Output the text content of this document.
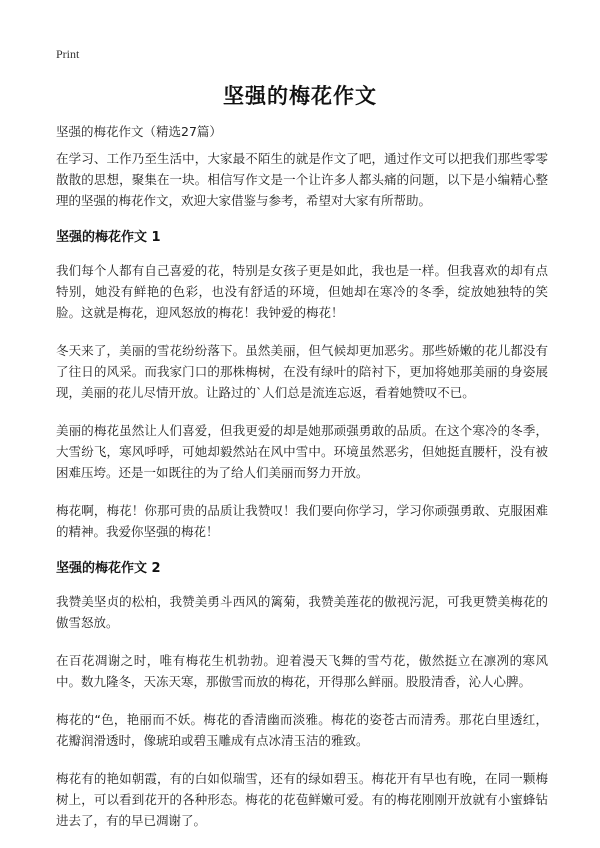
Print
坚强的梅花作文
坚强的梅花作文（精选27篇）

在学习、工作乃至生活中，大家最不陌生的就是作文了吧，通过作文可以把我们那些零零散散的思想，聚集在一块。相信写作文是一个让许多人都头痛的问题，以下是小编精心整理的坚强的梅花作文，欢迎大家借鉴与参考，希望对大家有所帮助。

坚强的梅花作文 1

我们每个人都有自己喜爱的花，特别是女孩子更是如此，我也是一样。但我喜欢的却有点特别，她没有鲜艳的色彩，也没有舒适的环境，但她却在寒冷的冬季，绽放她独特的笑脸。这就是梅花，迎风怒放的梅花！我钟爱的梅花！

冬天来了，美丽的雪花纷纷落下。虽然美丽，但气候却更加恶劣。那些娇嫩的花儿都没有了往日的风采。而我家门口的那株梅树，在没有绿叶的陪衬下，更加将她那美丽的身姿展现，美丽的花儿尽情开放。让路过的`人们总是流连忘返，看着她赞叹不已。

美丽的梅花虽然让人们喜爱，但我更爱的却是她那顽强勇敢的品质。在这个寒冷的冬季，大雪纷飞，寒风呼呼，可她却毅然站在风中雪中。环境虽然恶劣，但她挺直腰杆，没有被困难压垮。还是一如既往的为了给人们美丽而努力开放。

梅花啊，梅花！你那可贵的品质让我赞叹！我们要向你学习，学习你顽强勇敢、克服困难的精神。我爱你坚强的梅花！

坚强的梅花作文 2

我赞美坚贞的松柏，我赞美勇斗西风的篱菊，我赞美莲花的傲视污泥，可我更赞美梅花的傲雪怒放。

在百花凋谢之时，唯有梅花生机勃勃。迎着漫天飞舞的雪芍花，傲然挺立在凛冽的寒风中。数九隆冬，天冻天寒，那傲雪而放的梅花，开得那么鲜丽。股股清香，沁人心脾。

梅花的“色，艳丽而不妖。梅花的香清幽而淡雅。梅花的姿苍古而清秀。那花白里透红，花瓣润滑透时，像琥珀或碧玉雕成有点冰清玉洁的雅致。

梅花有的艳如朝霞，有的白如似瑞雪，还有的绿如碧玉。梅花开有早也有晚，在同一颗梅树上，可以看到花开的各种形态。梅花的花苞鲜嫩可爱。有的梅花刚刚开放就有小蜜蜂钻进去了，有的早已凋谢了。
